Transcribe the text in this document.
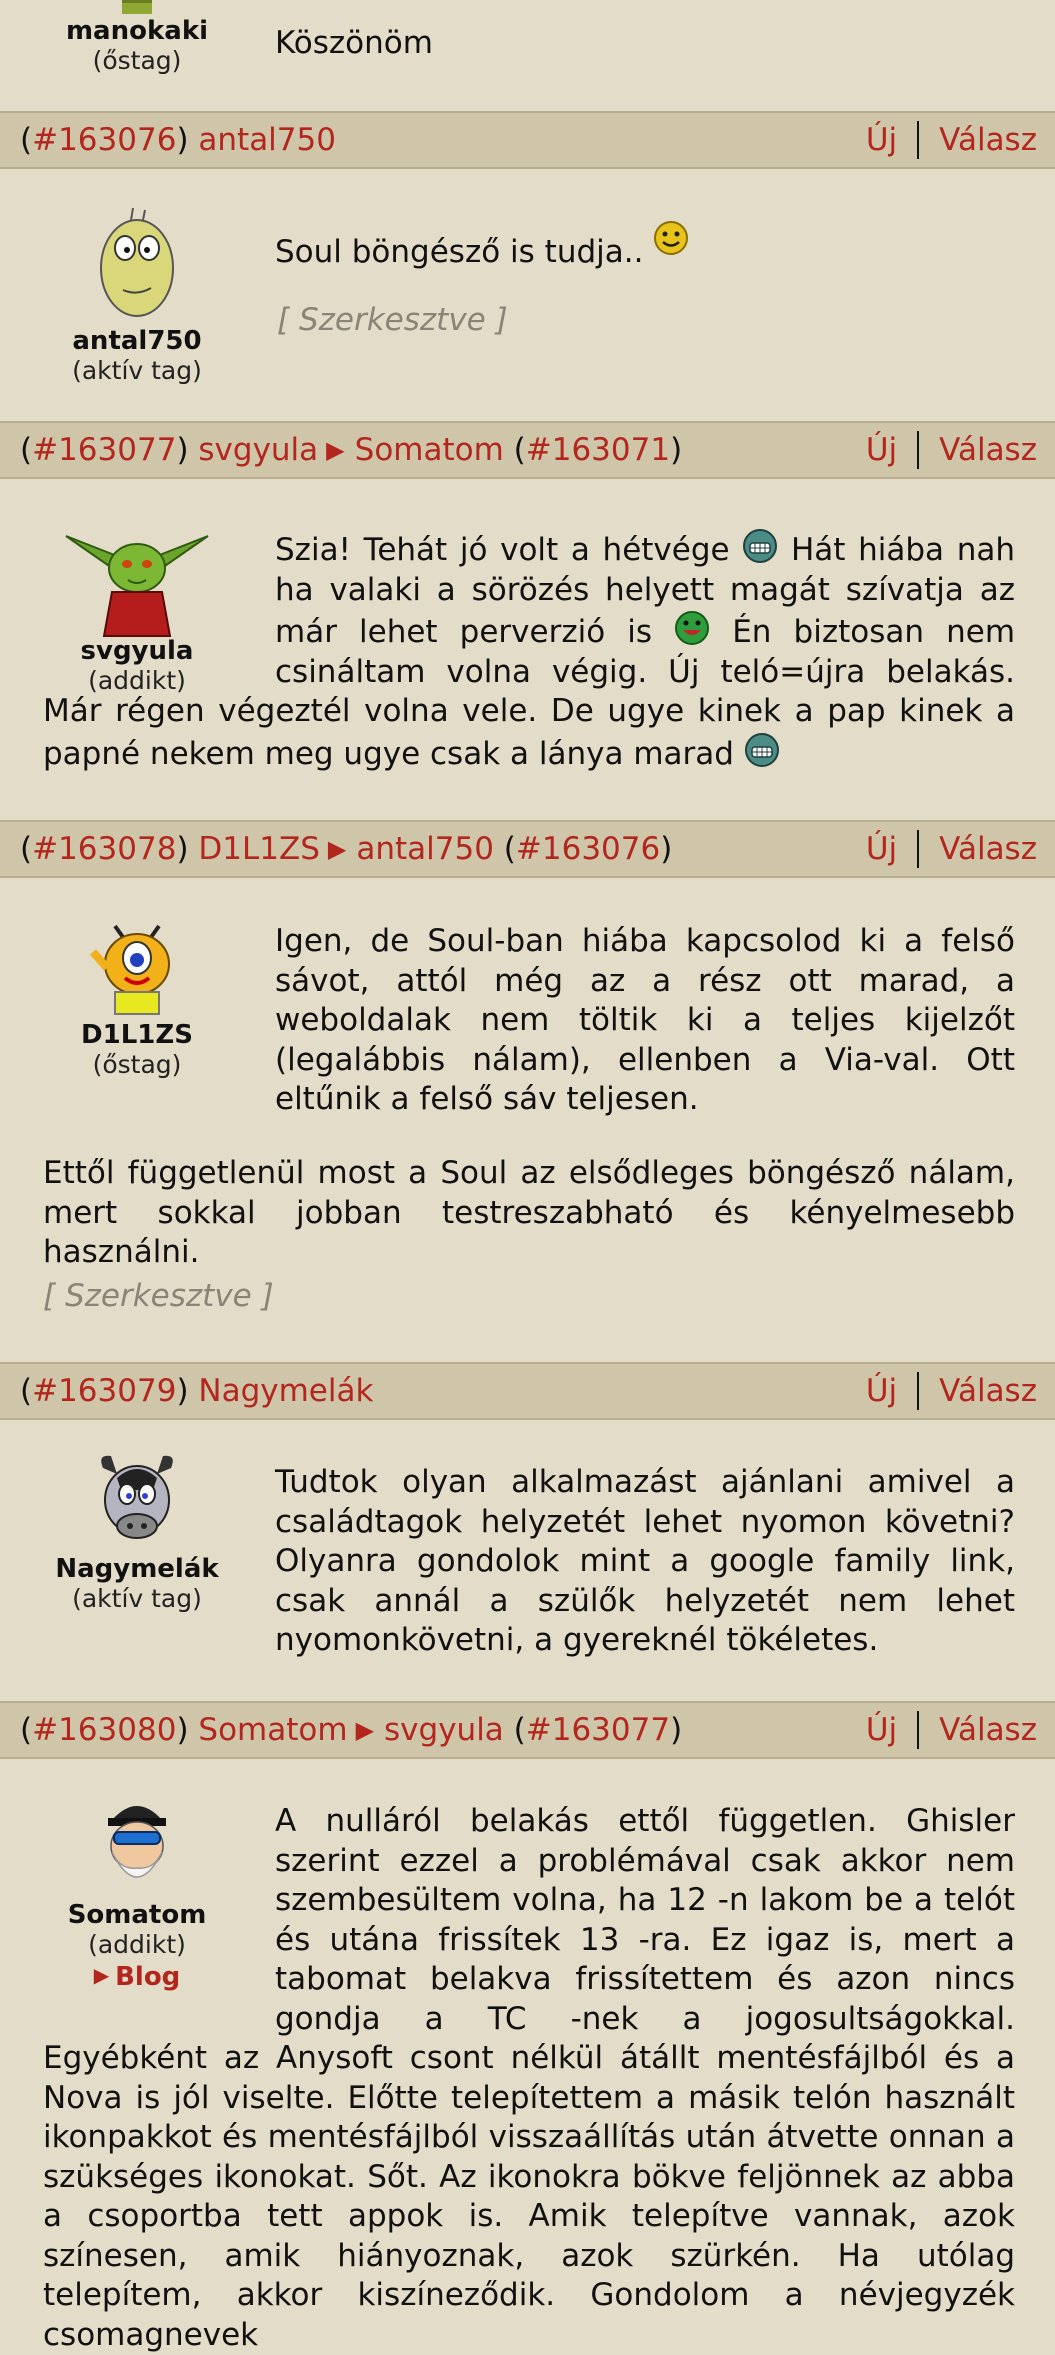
manokaki
(őstag)	Köszönöm
(#163076) antal750	Új Válasz
antal750
(aktív tag)
Soul böngésző is tudja..
[ Szerkesztve ]
(#163077) svgyula ▶ Somatom (#163071)	Új Válasz
svgyula
(addikt)
Szia! Tehát jó volt a hétvége Hát hiába nah ha valaki a sörözés helyett magát szívatja az már lehet perverzió is	Én biztosan nem csináltam volna végig. Új teló=újra belakás. Már régen végeztél volna vele. De ugye kinek a pap kinek a papné nekem meg ugye csak a lánya marad
(#163078) D1L1ZS ▶ antal750 (#163076)	Új Válasz
D1L1ZS
(őstag)
Igen, de Soul-ban hiába kapcsolod ki a felső sávot, attól még az a rész ott marad, a weboldalak nem töltik ki a teljes kijelzőt (legalábbis nálam), ellenben a Via-val. Ott eltűnik a felső sáv teljesen.
Ettől függetlenül most a Soul az elsődleges böngésző nálam, mert sokkal jobban testreszabható és kényelmesebb használni.
[ Szerkesztve ]
(#163079) Nagymelák	Új Válasz
Nagymelák
(aktív tag)
Tudtok olyan alkalmazást ajánlani amivel a családtagok helyzetét lehet nyomon követni? Olyanra gondolok mint a google family link, csak annál a szülők helyzetét nem lehet nyomonkövetni, a gyereknél tökéletes.
(#163080) Somatom ▶ svgyula (#163077)	Új Válasz
Somatom
(addikt)
▶ Blog
A nulláról belakás ettől független. Ghisler szerint ezzel a problémával csak akkor nem szembesültem volna, ha 12 -n lakom be a telót és utána frissítek 13 -ra. Ez igaz is, mert a tabomat belakva frissítettem és azon nincs gondja a TC -nek a jogosultságokkal. Egyébként az Anysoft csont nélkül átállt mentésfájlból és a Nova is jól viselte. Előtte telepítettem a másik telón használt ikonpakkot és mentésfájlból visszaállítás után átvette onnan a szükséges ikonokat. Sőt. Az ikonokra bökve feljönnek az abba a csoportba tett appok is. Amik telepítve vannak, azok színesen, amik hiányoznak, azok szürkén. Ha utólag telepítem, akkor kiszíneződik. Gondolom a névjegyzék csomagnevek
